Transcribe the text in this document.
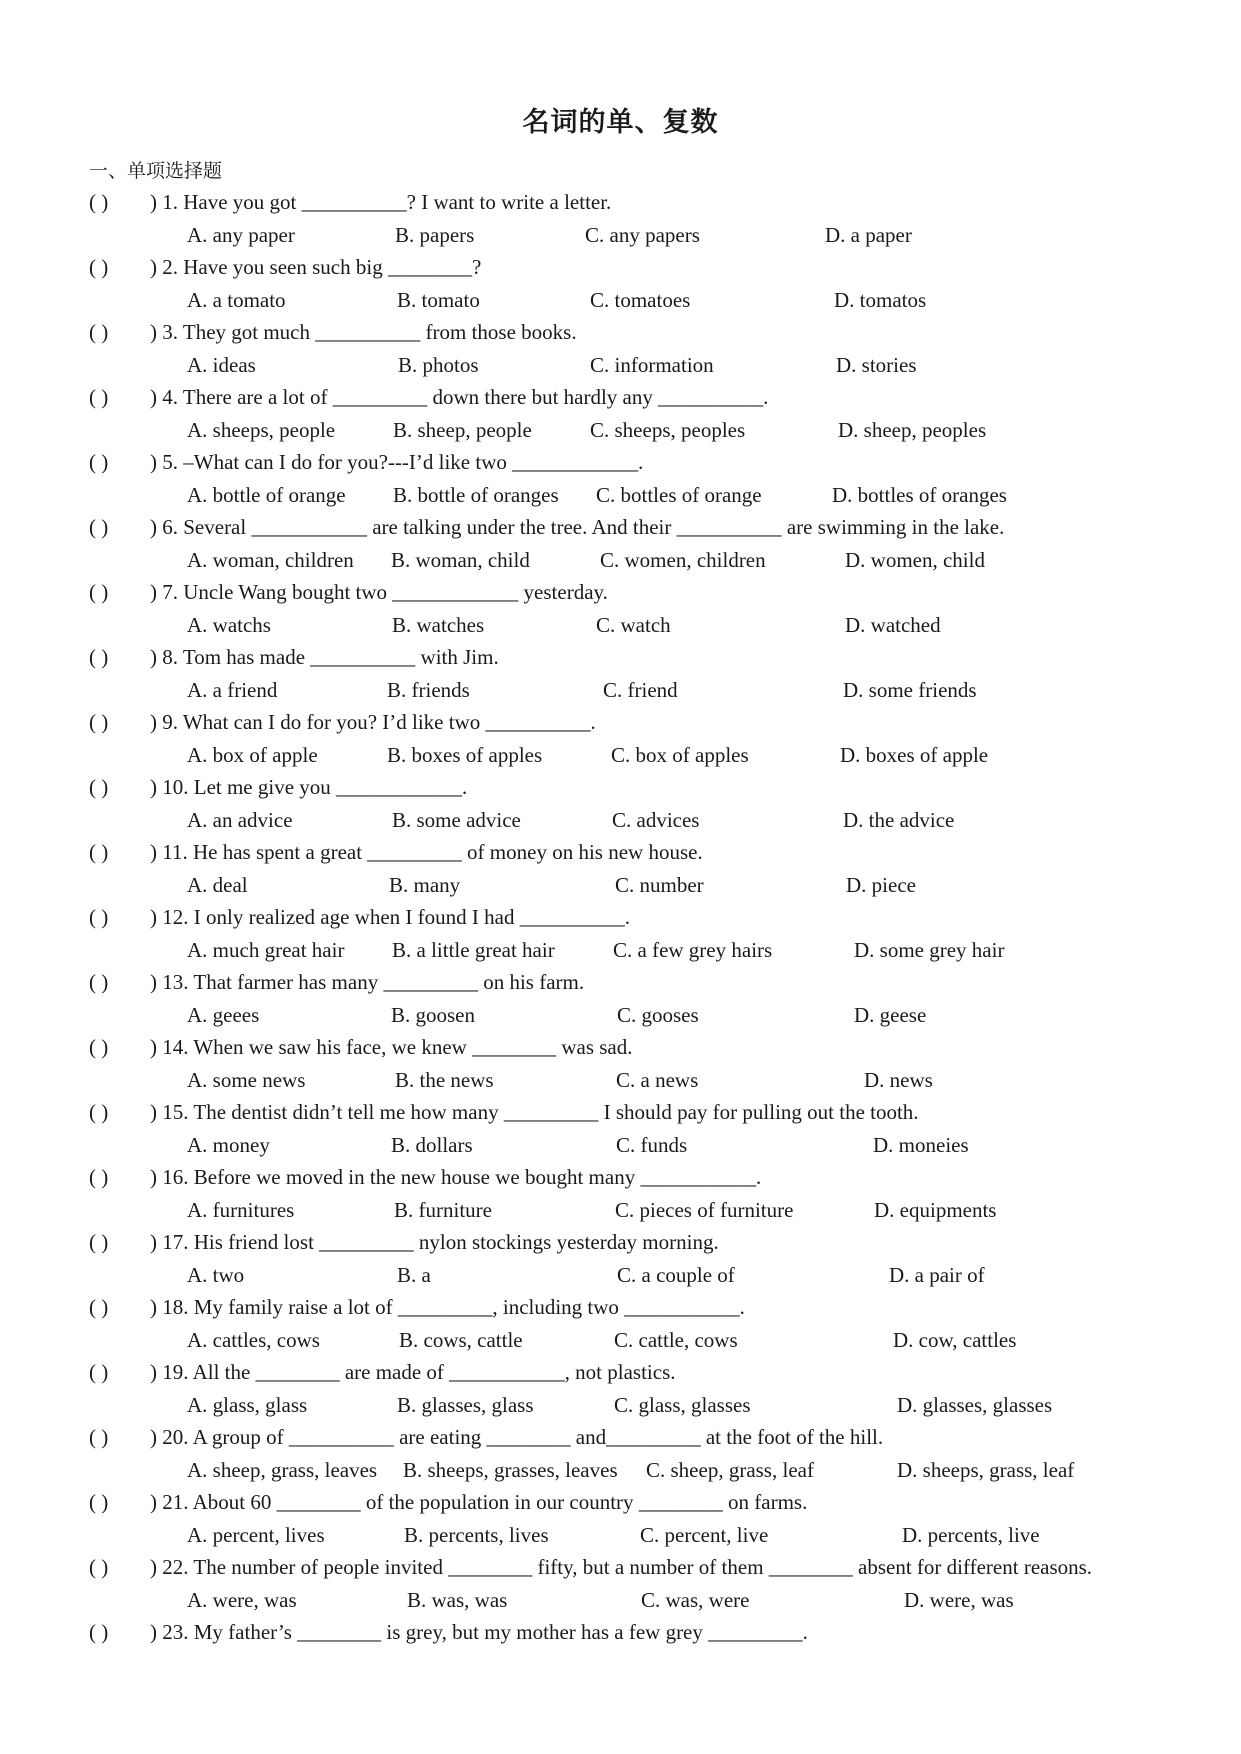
名词的单、复数
一、单项选择题
( ) ) 1. Have you got __________? I want to write a letter.
A. any paper	B. papers	C. any papers	D. a paper
( ) ) 2. Have you seen such big ________?
A. a tomato	B. tomato	C. tomatoes	D. tomatos
( ) ) 3. They got much __________ from those books.
A. ideas	B. photos	C. information	D. stories
( ) ) 4. There are a lot of _________ down there but hardly any __________.
A. sheeps, people	B. sheep, people	C. sheeps, peoples	D. sheep, peoples
( ) ) 5. –What can I do for you?---I’d like two ____________.
A. bottle of orange B. bottle of oranges C. bottles of orange	D. bottles of oranges
( ) ) 6. Several ___________ are talking under the tree. And their __________ are swimming in the lake.
A. woman, children B. woman, child	C. women, children	D. women, child
( ) ) 7. Uncle Wang bought two ____________ yesterday.
A. watchs	B. watches	C. watch	D. watched
( ) ) 8. Tom has made __________ with Jim.
A. a friend	B. friends	C. friend	D. some friends
( ) ) 9. What can I do for you? I’d like two __________.
A. box of apple	B. boxes of apples	C. box of apples	D. boxes of apple
( ) ) 10. Let me give you ____________.
A. an advice	B. some advice	C. advices	D. the advice
( ) ) 11. He has spent a great _________ of money on his new house.
A. deal	B. many	C. number	D. piece
( ) ) 12. I only realized age when I found I had __________.
A. much great hair B. a little great hair	C. a few grey hairs	D. some grey hair
( ) ) 13. That farmer has many _________ on his farm.
A. geees	B. goosen	C. gooses	D. geese
( ) ) 14. When we saw his face, we knew ________ was sad.
A. some news	B. the news	C. a news	D. news
( ) ) 15. The dentist didn’t tell me how many _________ I should pay for pulling out the tooth.
A. money	B. dollars	C. funds	D. moneies
( ) ) 16. Before we moved in the new house we bought many ___________.
A. furnitures	B. furniture	C. pieces of furniture	D. equipments
( ) ) 17. His friend lost _________ nylon stockings yesterday morning.
A. two	B. a	C. a couple of	D. a pair of
( ) ) 18. My family raise a lot of _________, including two ___________.
A. cattles, cows	B. cows, cattle	C. cattle, cows	D. cow, cattles
( ) ) 19. All the ________ are made of ___________, not plastics.
A. glass, glass	B. glasses, glass	C. glass, glasses	D. glasses, glasses
( ) ) 20. A group of __________ are eating ________ and_________ at the foot of the hill.
A. sheep, grass, leaves B. sheeps, grasses, leaves C. sheep, grass, leaf	D. sheeps, grass, leaf
( ) ) 21. About 60 ________ of the population in our country ________ on farms.
A. percent, lives	B. percents, lives	C. percent, live	D. percents, live
( ) ) 22. The number of people invited ________ fifty, but a number of them ________ absent for different reasons.
A. were, was	B. was, was	C. was, were	D. were, was
( ) ) 23. My father’s ________ is grey, but my mother has a few grey _________.
